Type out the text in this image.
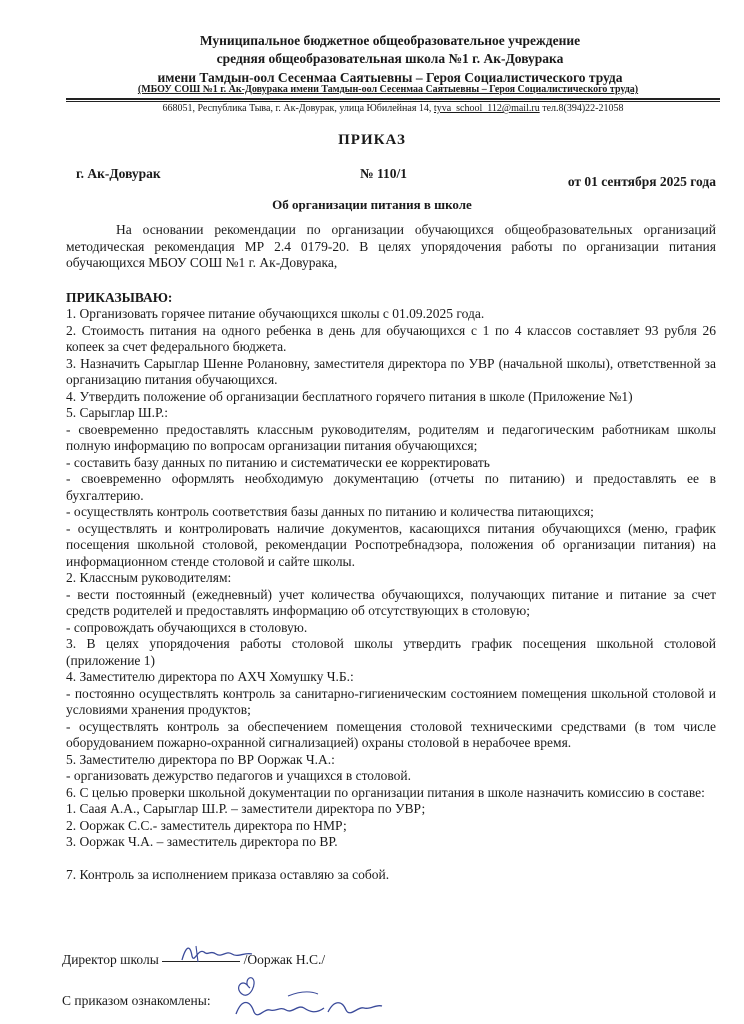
Муниципальное бюджетное общеобразовательное учреждение
средняя общеобразовательная школа №1 г. Ак-Довурака
имени Тамдын-оол Сесенмаа Саятыевны – Героя Социалистического труда
(МБОУ СОШ №1 г. Ак-Довурака имени Тамдын-оол Сесенмаа Саятыевны – Героя Социалистического труда)
668051, Республика Тыва, г. Ак-Довурак, улица Юбилейная 14, tyva_school_112@mail.ru тел.8(394)22-21058
ПРИКАЗ
г. Ак-Довурак	№ 110/1
от 01 сентября 2025 года
Об организации питания в школе
На основании рекомендации по организации обучающихся общеобразовательных организаций методическая рекомендация МР 2.4 0179-20. В целях упорядочения работы по организации питания обучающихся МБОУ СОШ №1 г. Ак-Довурака,
ПРИКАЗЫВАЮ:
1. Организовать горячее питание обучающихся школы с 01.09.2025 года.
2. Стоимость питания на одного ребенка в день для обучающихся с 1 по 4 классов составляет 93 рубля 26 копеек за счет федерального бюджета.
3. Назначить Сарыглар Шенне Ролановну, заместителя директора по УВР (начальной школы), ответственной за организацию питания обучающихся.
4. Утвердить положение об организации бесплатного горячего питания в школе (Приложение №1)
5. Сарыглар Ш.Р.:
- своевременно предоставлять классным руководителям, родителям и педагогическим работникам школы полную информацию по вопросам организации питания обучающихся;
- составить базу данных по питанию и систематически ее корректировать
- своевременно оформлять необходимую документацию (отчеты по питанию) и предоставлять ее в бухгалтерию.
- осуществлять контроль соответствия базы данных по питанию и количества питающихся;
- осуществлять и контролировать наличие документов, касающихся питания обучающихся (меню, график посещения школьной столовой, рекомендации Роспотребнадзора, положения об организации питания) на информационном стенде столовой и сайте школы.
2. Классным руководителям:
- вести постоянный (ежедневный) учет количества обучающихся, получающих питание и питание за счет средств родителей и предоставлять информацию об отсутствующих в столовую;
- сопровождать обучающихся в столовую.
3. В целях упорядочения работы столовой школы утвердить график посещения школьной столовой (приложение 1)
4. Заместителю директора по АХЧ Хомушку Ч.Б.:
- постоянно осуществлять контроль за санитарно-гигиеническим состоянием помещения школьной столовой и условиями хранения продуктов;
- осуществлять контроль за обеспечением помещения столовой техническими средствами (в том числе оборудованием пожарно-охранной сигнализацией) охраны столовой в нерабочее время.
5. Заместителю директора по ВР Ооржак Ч.А.:
- организовать дежурство педагогов и учащихся в столовой.
6. С целью проверки школьной документации по организации питания в школе назначить комиссию в составе:
1. Саая А.А., Сарыглар Ш.Р. – заместители директора по УВР;
2. Ооржак С.С.- заместитель директора по НМР;
3. Ооржак Ч.А. – заместитель директора по ВР.
7. Контроль за исполнением приказа оставляю за собой.
Директор школы	/Ооржак Н.С./
С приказом ознакомлены:
